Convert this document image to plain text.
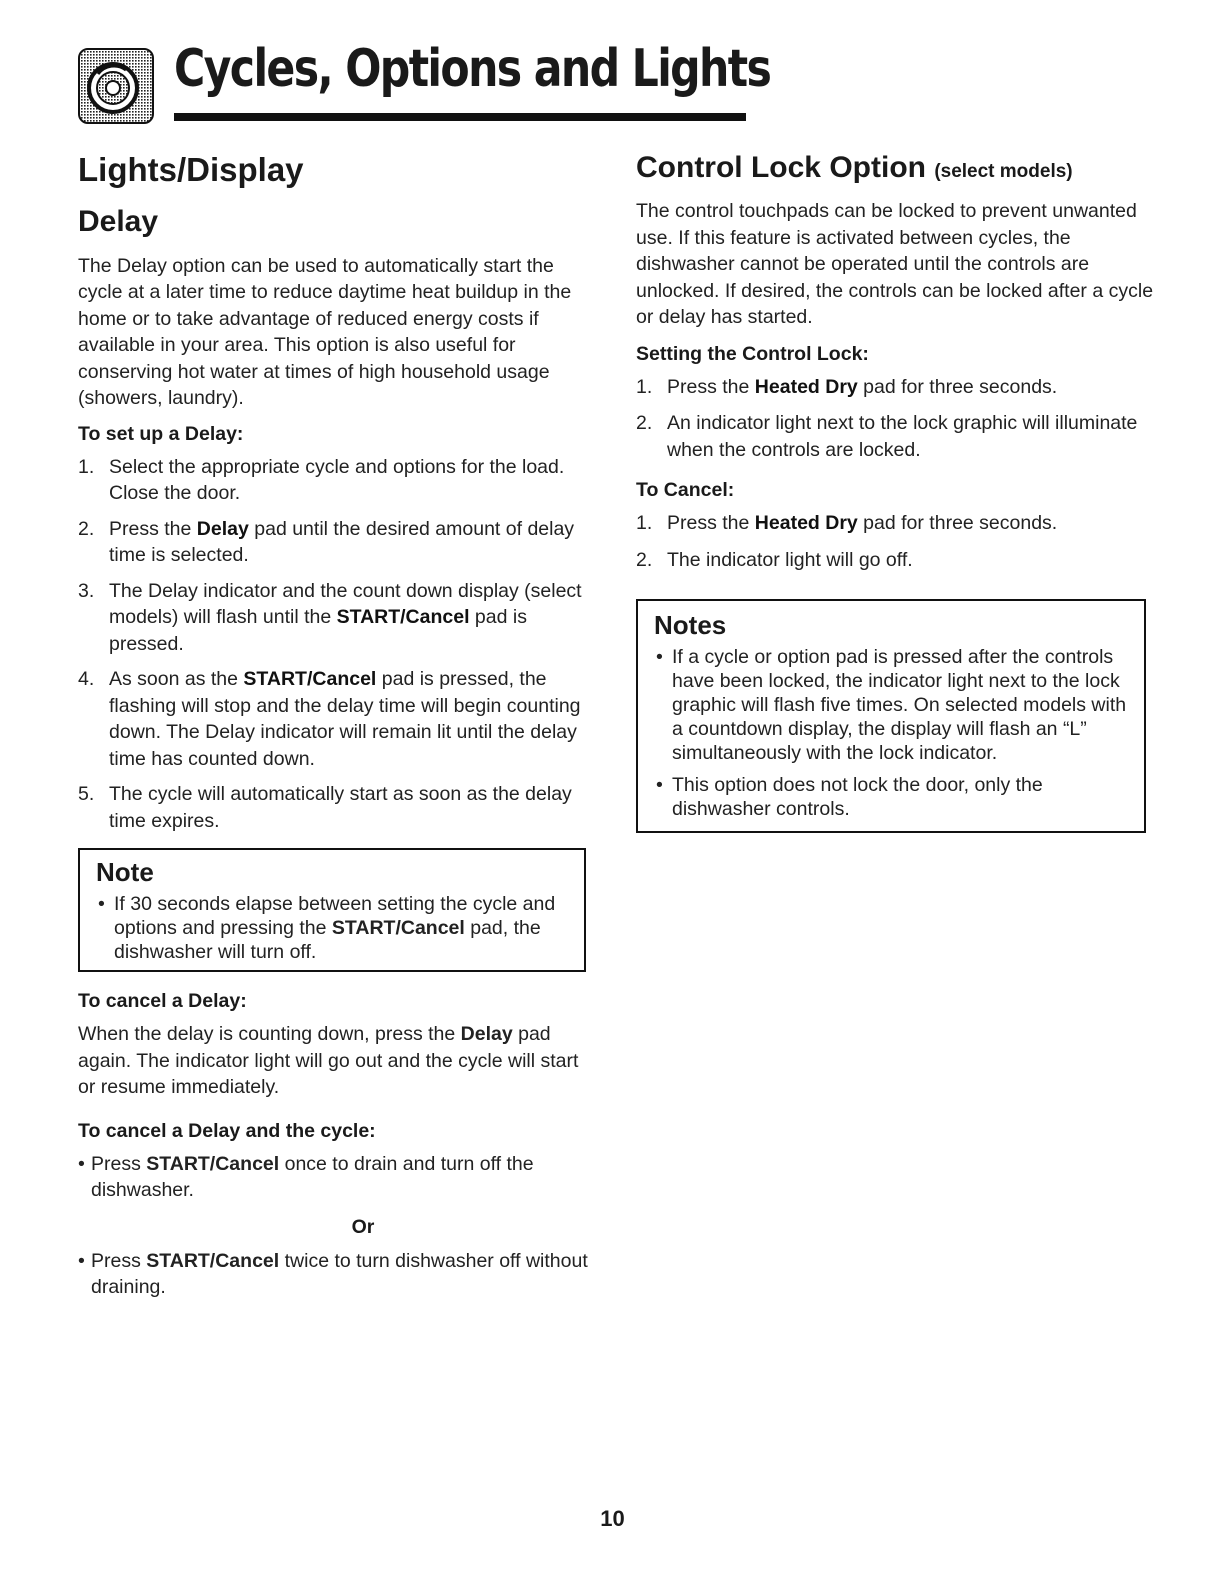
Cycles, Options and Lights
Lights/Display
Delay

The Delay option can be used to automatically start the cycle at a later time to reduce daytime heat buildup in the home or to take advantage of reduced energy costs if available in your area. This option is also useful for conserving hot water at times of high household usage (showers, laundry).

To set up a Delay:
1. Select the appropriate cycle and options for the load. Close the door.
2. Press the Delay pad until the desired amount of delay time is selected.
3. The Delay indicator and the count down display (select models) will flash until the START/Cancel pad is pressed.
4. As soon as the START/Cancel pad is pressed, the flashing will stop and the delay time will begin counting down. The Delay indicator will remain lit until the delay time has counted down.
5. The cycle will automatically start as soon as the delay time expires.
Note
• If 30 seconds elapse between setting the cycle and options and pressing the START/Cancel pad, the dishwasher will turn off.
To cancel a Delay:

When the delay is counting down, press the Delay pad again. The indicator light will go out and the cycle will start or resume immediately.

To cancel a Delay and the cycle:
• Press START/Cancel once to drain and turn off the dishwasher.
Or
• Press START/Cancel twice to turn dishwasher off without draining.
Control Lock Option (select models)

The control touchpads can be locked to prevent unwanted use. If this feature is activated between cycles, the dishwasher cannot be operated until the controls are unlocked. If desired, the controls can be locked after a cycle or delay has started.

Setting the Control Lock:
1. Press the Heated Dry pad for three seconds.
2. An indicator light next to the lock graphic will illuminate when the controls are locked.
To Cancel:
1. Press the Heated Dry pad for three seconds.
2. The indicator light will go off.
Notes
• If a cycle or option pad is pressed after the controls have been locked, the indicator light next to the lock graphic will flash five times. On selected models with a countdown display, the display will flash an “L” simultaneously with the lock indicator.
• This option does not lock the door, only the dishwasher controls.
10
